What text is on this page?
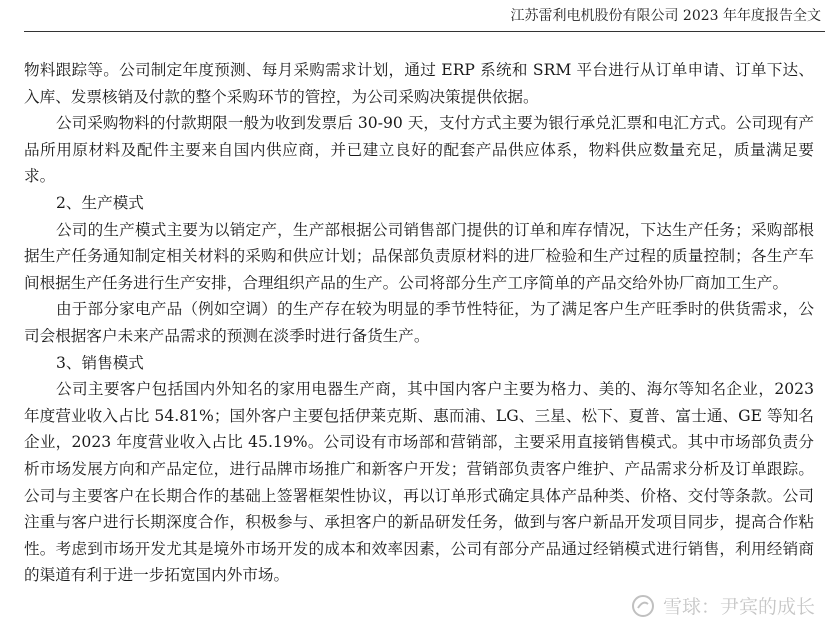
江苏雷利电机股份有限公司 2023 年年度报告全文

物料跟踪等。公司制定年度预测、每月采购需求计划，通过 ERP 系统和 SRM 平台进行从订单申请、订单下达、入库、发票核销及付款的整个采购环节的管控，为公司采购决策提供依据。

公司采购物料的付款期限一般为收到发票后 30-90 天，支付方式主要为银行承兑汇票和电汇方式。公司现有产品所用原材料及配件主要来自国内供应商，并已建立良好的配套产品供应体系，物料供应数量充足，质量满足要求。

2、生产模式

公司的生产模式主要为以销定产，生产部根据公司销售部门提供的订单和库存情况，下达生产任务；采购部根据生产任务通知制定相关材料的采购和供应计划；品保部负责原材料的进厂检验和生产过程的质量控制；各生产车间根据生产任务进行生产安排，合理组织产品的生产。公司将部分生产工序简单的产品交给外协厂商加工生产。

由于部分家电产品（例如空调）的生产存在较为明显的季节性特征，为了满足客户生产旺季时的供货需求，公司会根据客户未来产品需求的预测在淡季时进行备货生产。

3、销售模式

公司主要客户包括国内外知名的家用电器生产商，其中国内客户主要为格力、美的、海尔等知名企业，2023 年度营业收入占比 54.81%；国外客户主要包括伊莱克斯、惠而浦、LG、三星、松下、夏普、富士通、GE 等知名企业，2023 年度营业收入占比 45.19%。公司设有市场部和营销部，主要采用直接销售模式。其中市场部负责分析市场发展方向和产品定位，进行品牌市场推广和新客户开发；营销部负责客户维护、产品需求分析及订单跟踪。公司与主要客户在长期合作的基础上签署框架性协议，再以订单形式确定具体产品种类、价格、交付等条款。公司注重与客户进行长期深度合作，积极参与、承担客户的新品研发任务，做到与客户新品开发项目同步，提高合作粘性。考虑到市场开发尤其是境外市场开发的成本和效率因素，公司有部分产品通过经销模式进行销售，利用经销商的渠道有利于进一步拓宽国内外市场。

雪球：尹宾的成长
